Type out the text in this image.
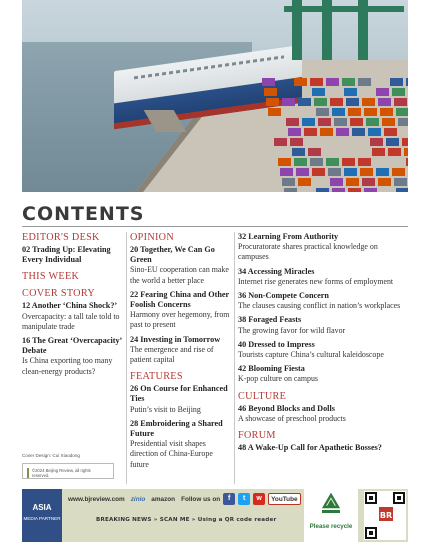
CONTENTS
EDITOR'S DESK
02 Trading Up: Elevating Every Individual
THIS WEEK
COVER STORY
12 Another ‘China Shock?’
Overcapacity: a tall tale told to manipulate trade
16 The Great ‘Overcapacity’ Debate
Is China exporting too many clean-energy products?
OPINION
20 Together, We Can Go Green
Sino-EU cooperation can make the world a better place
22 Fearing China and Other Foolish Concerns
Harmony over hegemony, from past to present
24 Investing in Tomorrow
The emergence and rise of patient capital
FEATURES
26 On Course for Enhanced Ties
Putin’s visit to Beijing
28 Embroidering a Shared Future
Presidential visit shapes direction of China-Europe future
32 Learning From Authority
Procuratorate shares practical knowledge on campuses
34 Accessing Miracles
Internet rise generates new forms of employment
36 Non-Compete Concern
The clauses causing conflict in nation’s workplaces
38 Foraged Feasts
The growing favor for wild flavor
40 Dressed to Impress
Tourists capture China’s cultural kaleidoscope
42 Blooming Fiesta
K-pop culture on campus
CULTURE
46 Beyond Blocks and Dolls
A showcase of preschool products
FORUM
48 A Wake-Up Call for Apathetic Bosses?
Cover Design: Cui Xiaodong
©2024 Beijing Review, all rights reserved.
ASIA
MEDIA PARTNER
www.bjreview.com zinio amazon Follow us on	f	t	w	YouTube
BREAKING NEWS » SCAN ME » Using a QR code reader
Please recycle
BR
